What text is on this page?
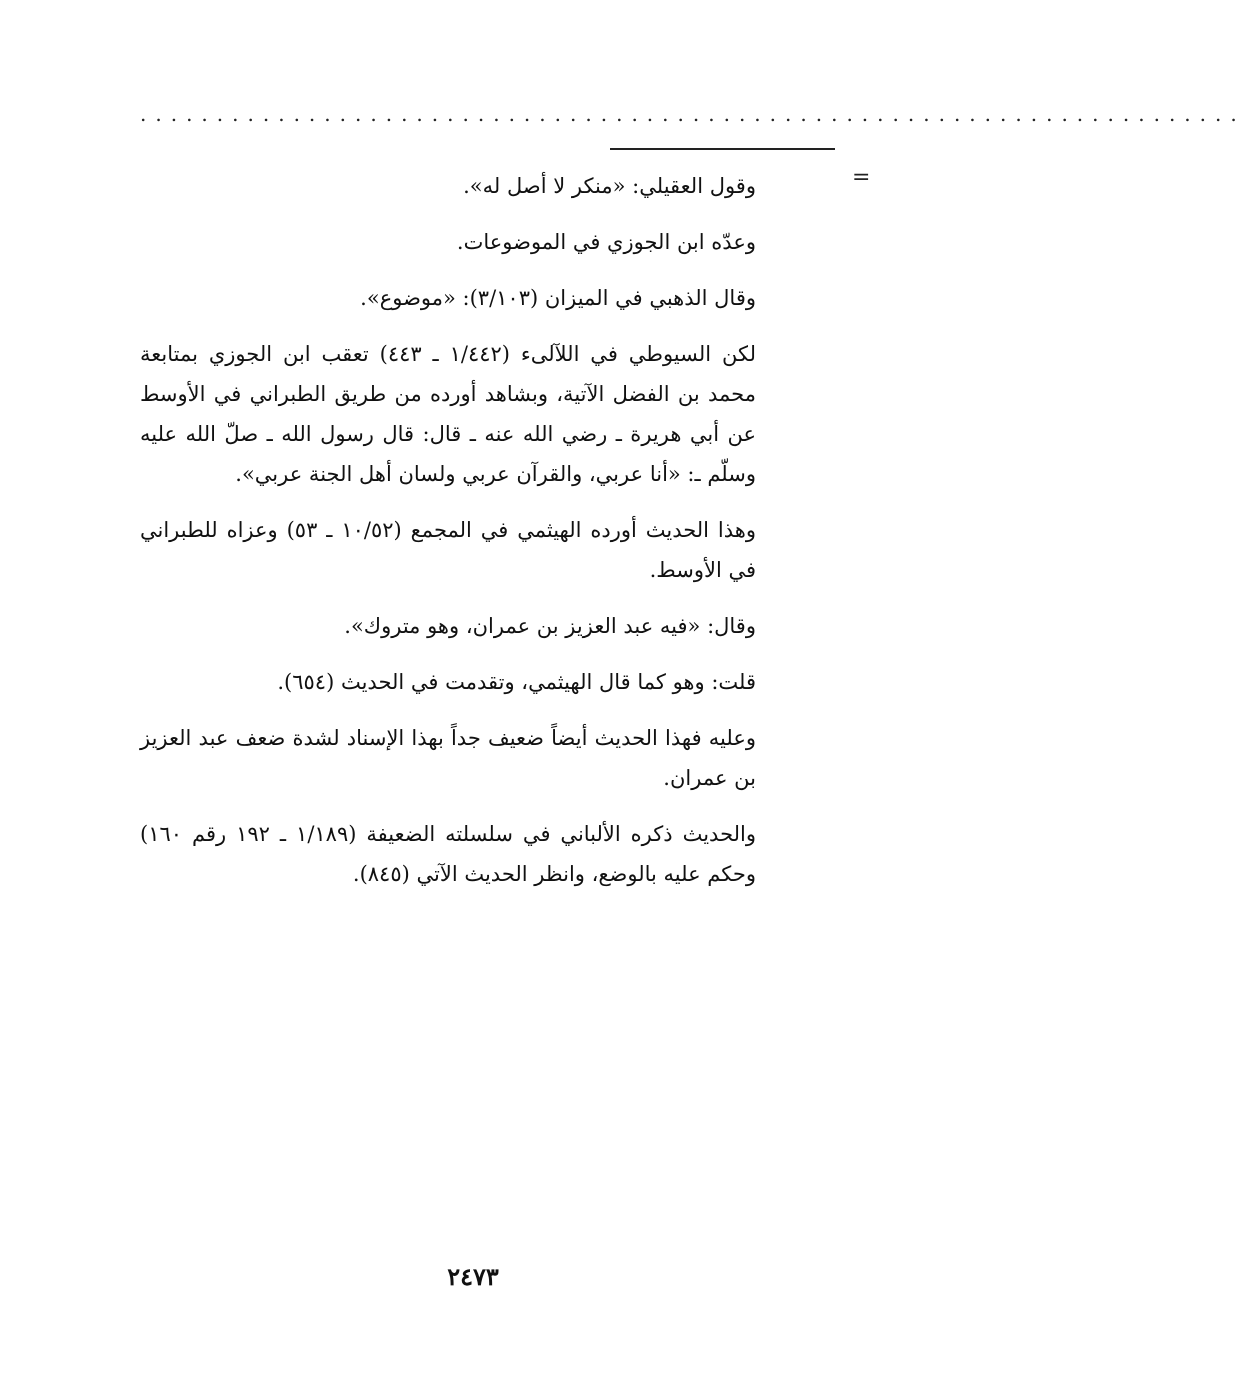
........................................................................
=

وقول العقيلي: «منكر لا أصل له».

وعدّه ابن الجوزي في الموضوعات.

وقال الذهبي في الميزان (٣/١٠٣): «موضوع».

لكن السيوطي في اللآلىء (١/٤٤٢ ـ ٤٤٣) تعقب ابن الجوزي بمتابعة محمد بن الفضل الآتية، وبشاهد أورده من طريق الطبراني في الأوسط عن أبي هريرة ـ رضي الله عنه ـ قال: قال رسول الله ـ صلّ الله عليه وسلّم ـ: «أنا عربي، والقرآن عربي ولسان أهل الجنة عربي».

وهذا الحديث أورده الهيثمي في المجمع (١٠/٥٢ ـ ٥٣) وعزاه للطبراني في الأوسط.

وقال: «فيه عبد العزيز بن عمران، وهو متروك».

قلت: وهو كما قال الهيثمي، وتقدمت في الحديث (٦٥٤).

وعليه فهذا الحديث أيضاً ضعيف جداً بهذا الإسناد لشدة ضعف عبد العزيز بن عمران.

والحديث ذكره الألباني في سلسلته الضعيفة (١/١٨٩ ـ ١٩٢ رقم ١٦٠) وحكم عليه بالوضع، وانظر الحديث الآتي (٨٤٥).

٢٤٧٣
